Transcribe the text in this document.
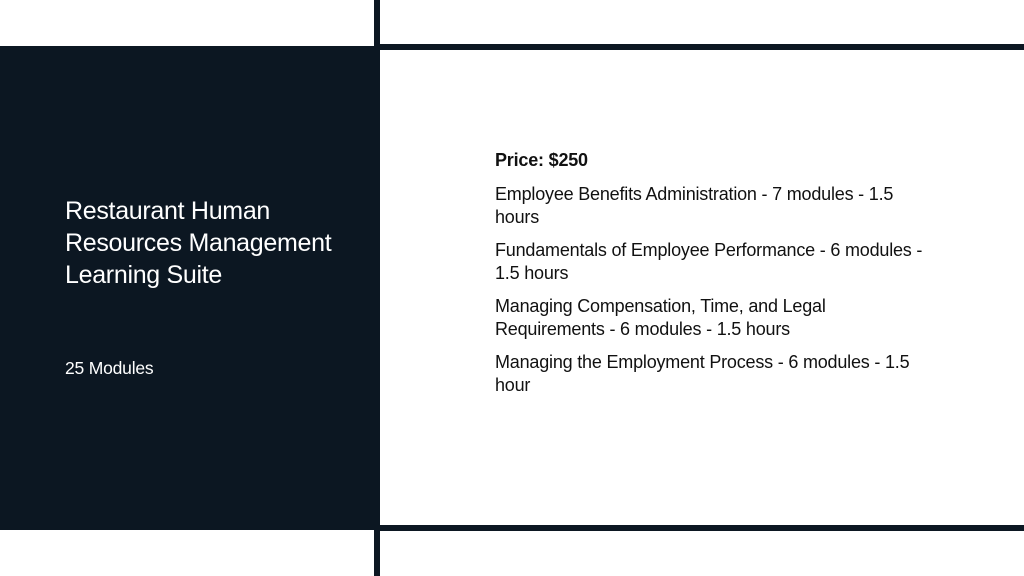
Restaurant Human Resources Management Learning Suite
25 Modules
Price: $250

Employee Benefits Administration - 7 modules - 1.5 hours

Fundamentals of Employee Performance - 6 modules - 1.5 hours

Managing Compensation, Time, and Legal Requirements - 6 modules - 1.5 hours

Managing the Employment Process - 6 modules - 1.5 hour
